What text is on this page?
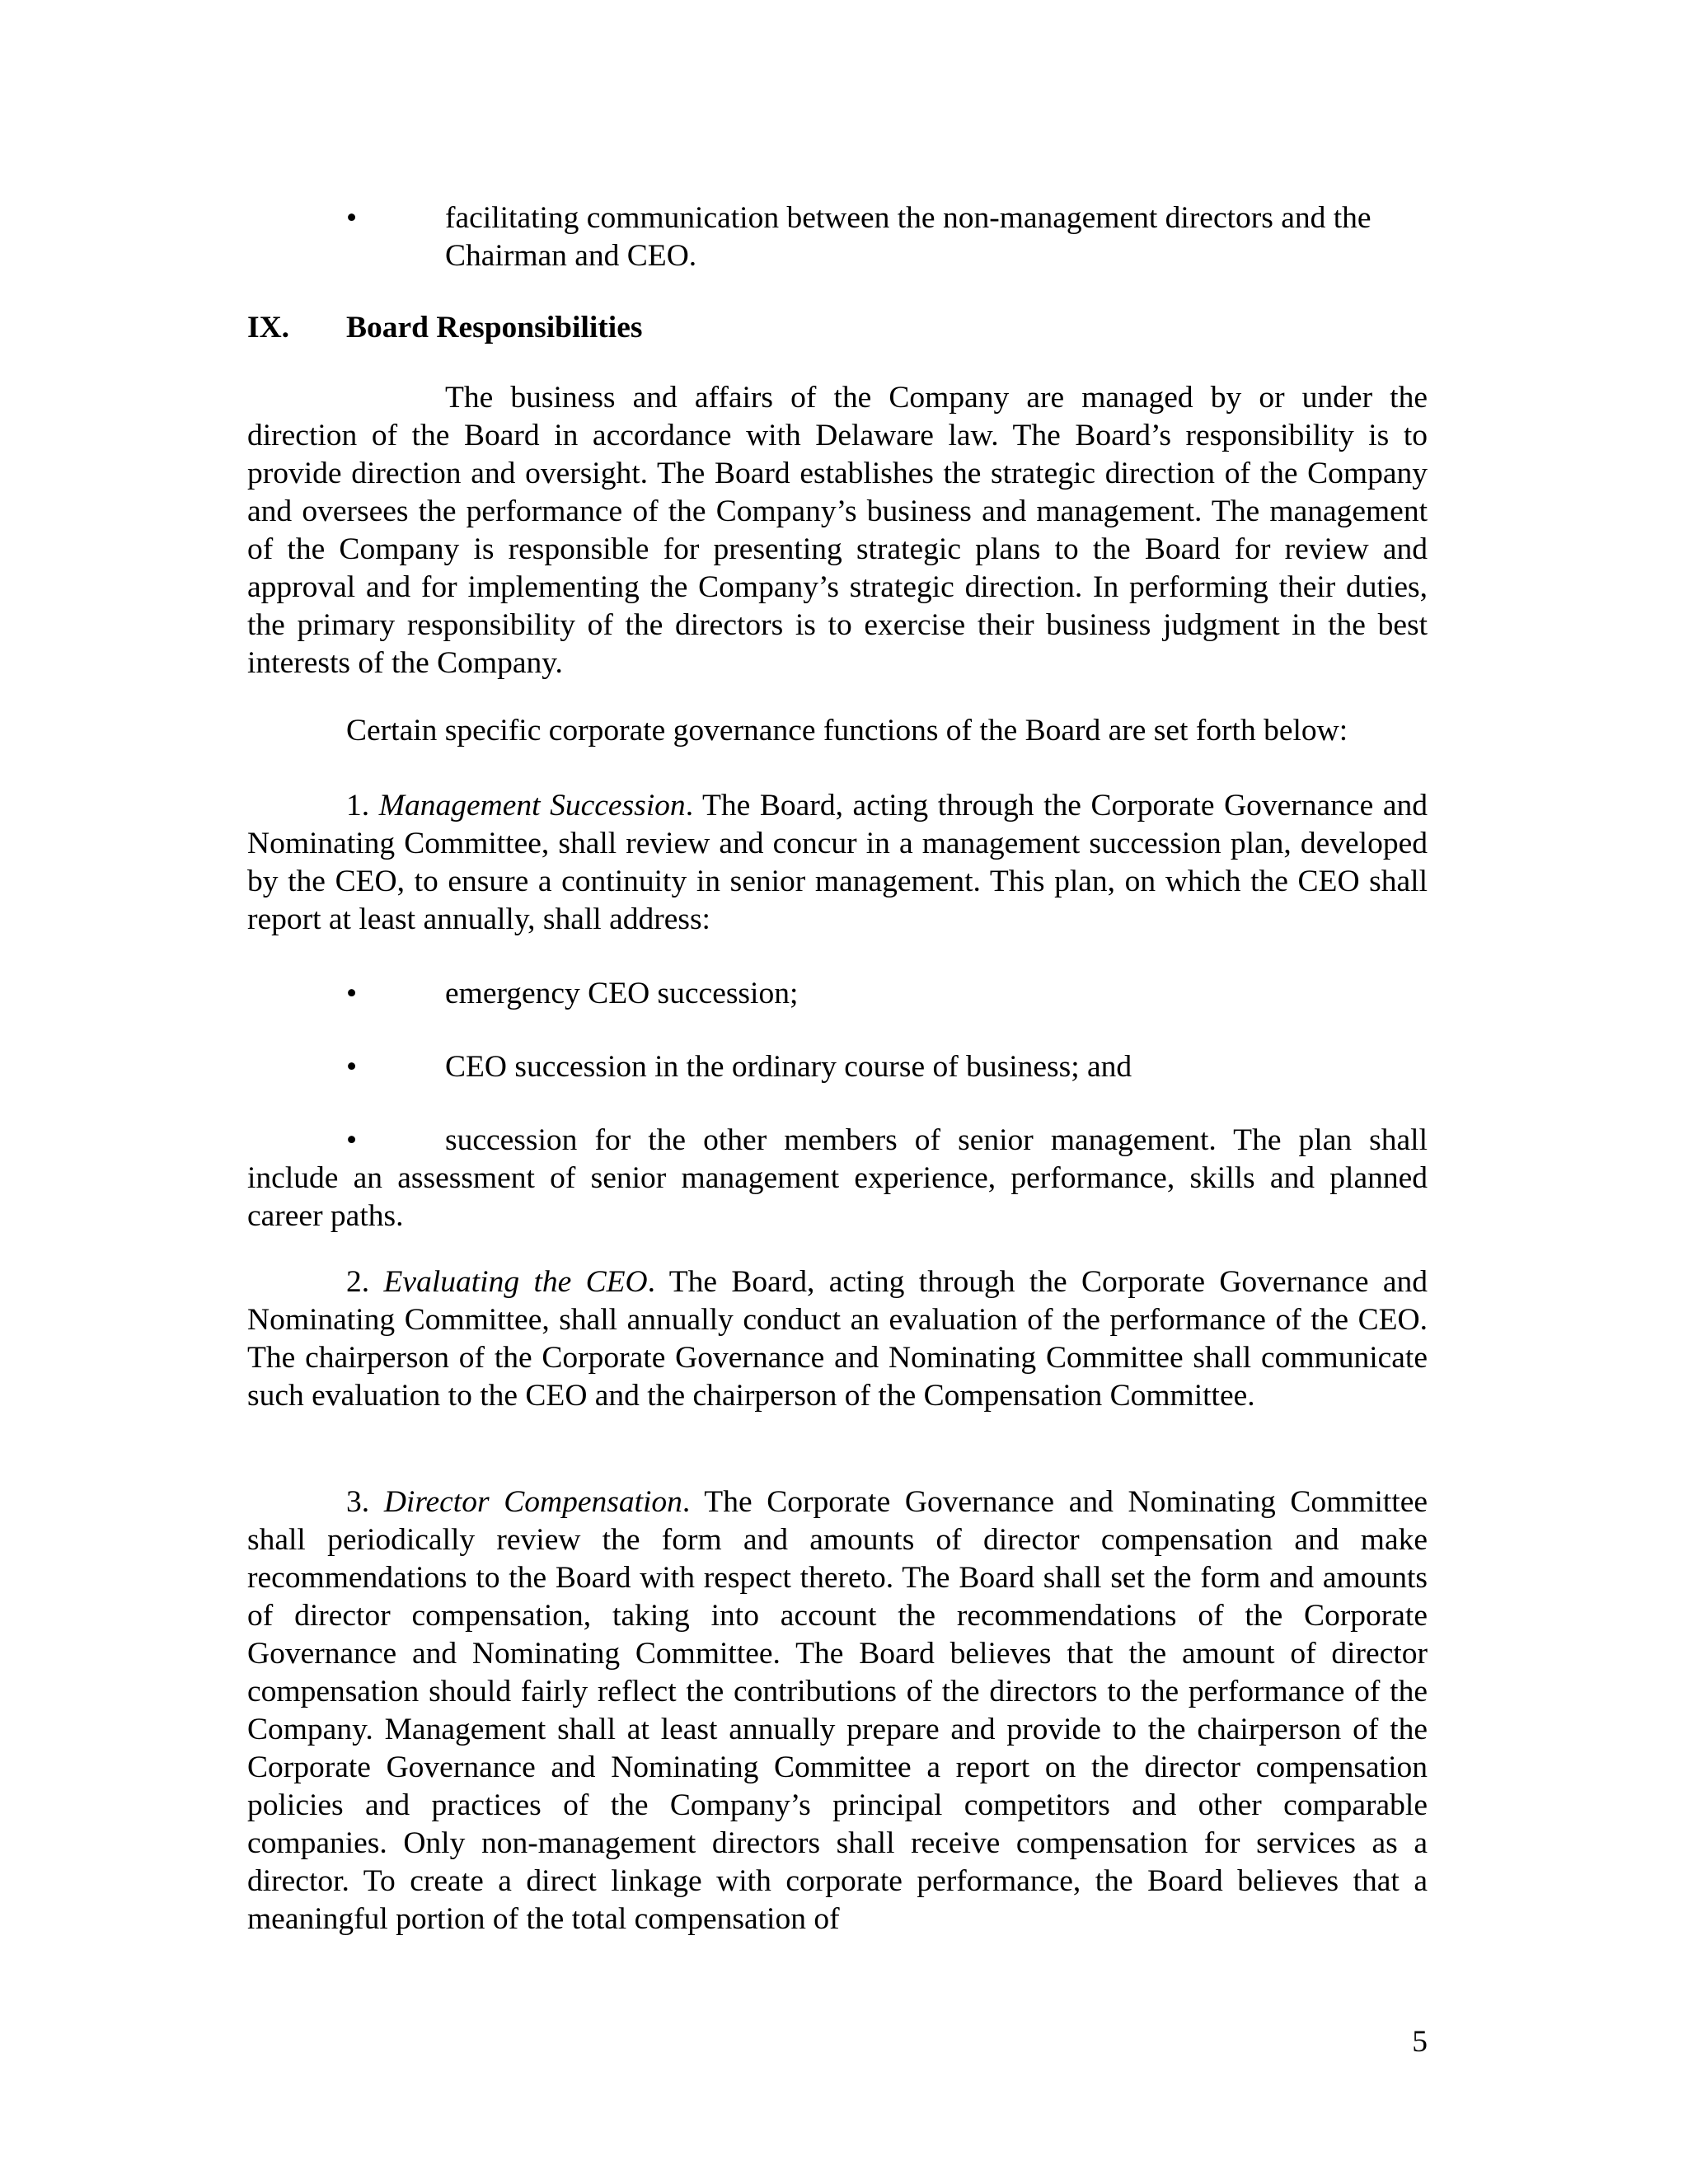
•	facilitating communication between the non-management directors and the Chairman and CEO.
IX. Board Responsibilities
The business and affairs of the Company are managed by or under the direction of the Board in accordance with Delaware law. The Board’s responsibility is to provide direction and oversight. The Board establishes the strategic direction of the Company and oversees the performance of the Company’s business and management. The management of the Company is responsible for presenting strategic plans to the Board for review and approval and for implementing the Company’s strategic direction. In performing their duties, the primary responsibility of the directors is to exercise their business judgment in the best interests of the Company.
Certain specific corporate governance functions of the Board are set forth below:
1. Management Succession. The Board, acting through the Corporate Governance and Nominating Committee, shall review and concur in a management succession plan, developed by the CEO, to ensure a continuity in senior management. This plan, on which the CEO shall report at least annually, shall address:
•	emergency CEO succession;
•	CEO succession in the ordinary course of business; and
•	succession for the other members of senior management. The plan shall
include an assessment of senior management experience, performance, skills and planned career paths.
2. Evaluating the CEO. The Board, acting through the Corporate Governance and Nominating Committee, shall annually conduct an evaluation of the performance of the CEO. The chairperson of the Corporate Governance and Nominating Committee shall communicate such evaluation to the CEO and the chairperson of the Compensation Committee.
3. Director Compensation. The Corporate Governance and Nominating Committee shall periodically review the form and amounts of director compensation and make recommendations to the Board with respect thereto. The Board shall set the form and amounts of director compensation, taking into account the recommendations of the Corporate Governance and Nominating Committee. The Board believes that the amount of director compensation should fairly reflect the contributions of the directors to the performance of the Company. Management shall at least annually prepare and provide to the chairperson of the Corporate Governance and Nominating Committee a report on the director compensation policies and practices of the Company’s principal competitors and other comparable companies. Only non-management directors shall receive compensation for services as a director. To create a direct linkage with corporate performance, the Board believes that a meaningful portion of the total compensation of
5
